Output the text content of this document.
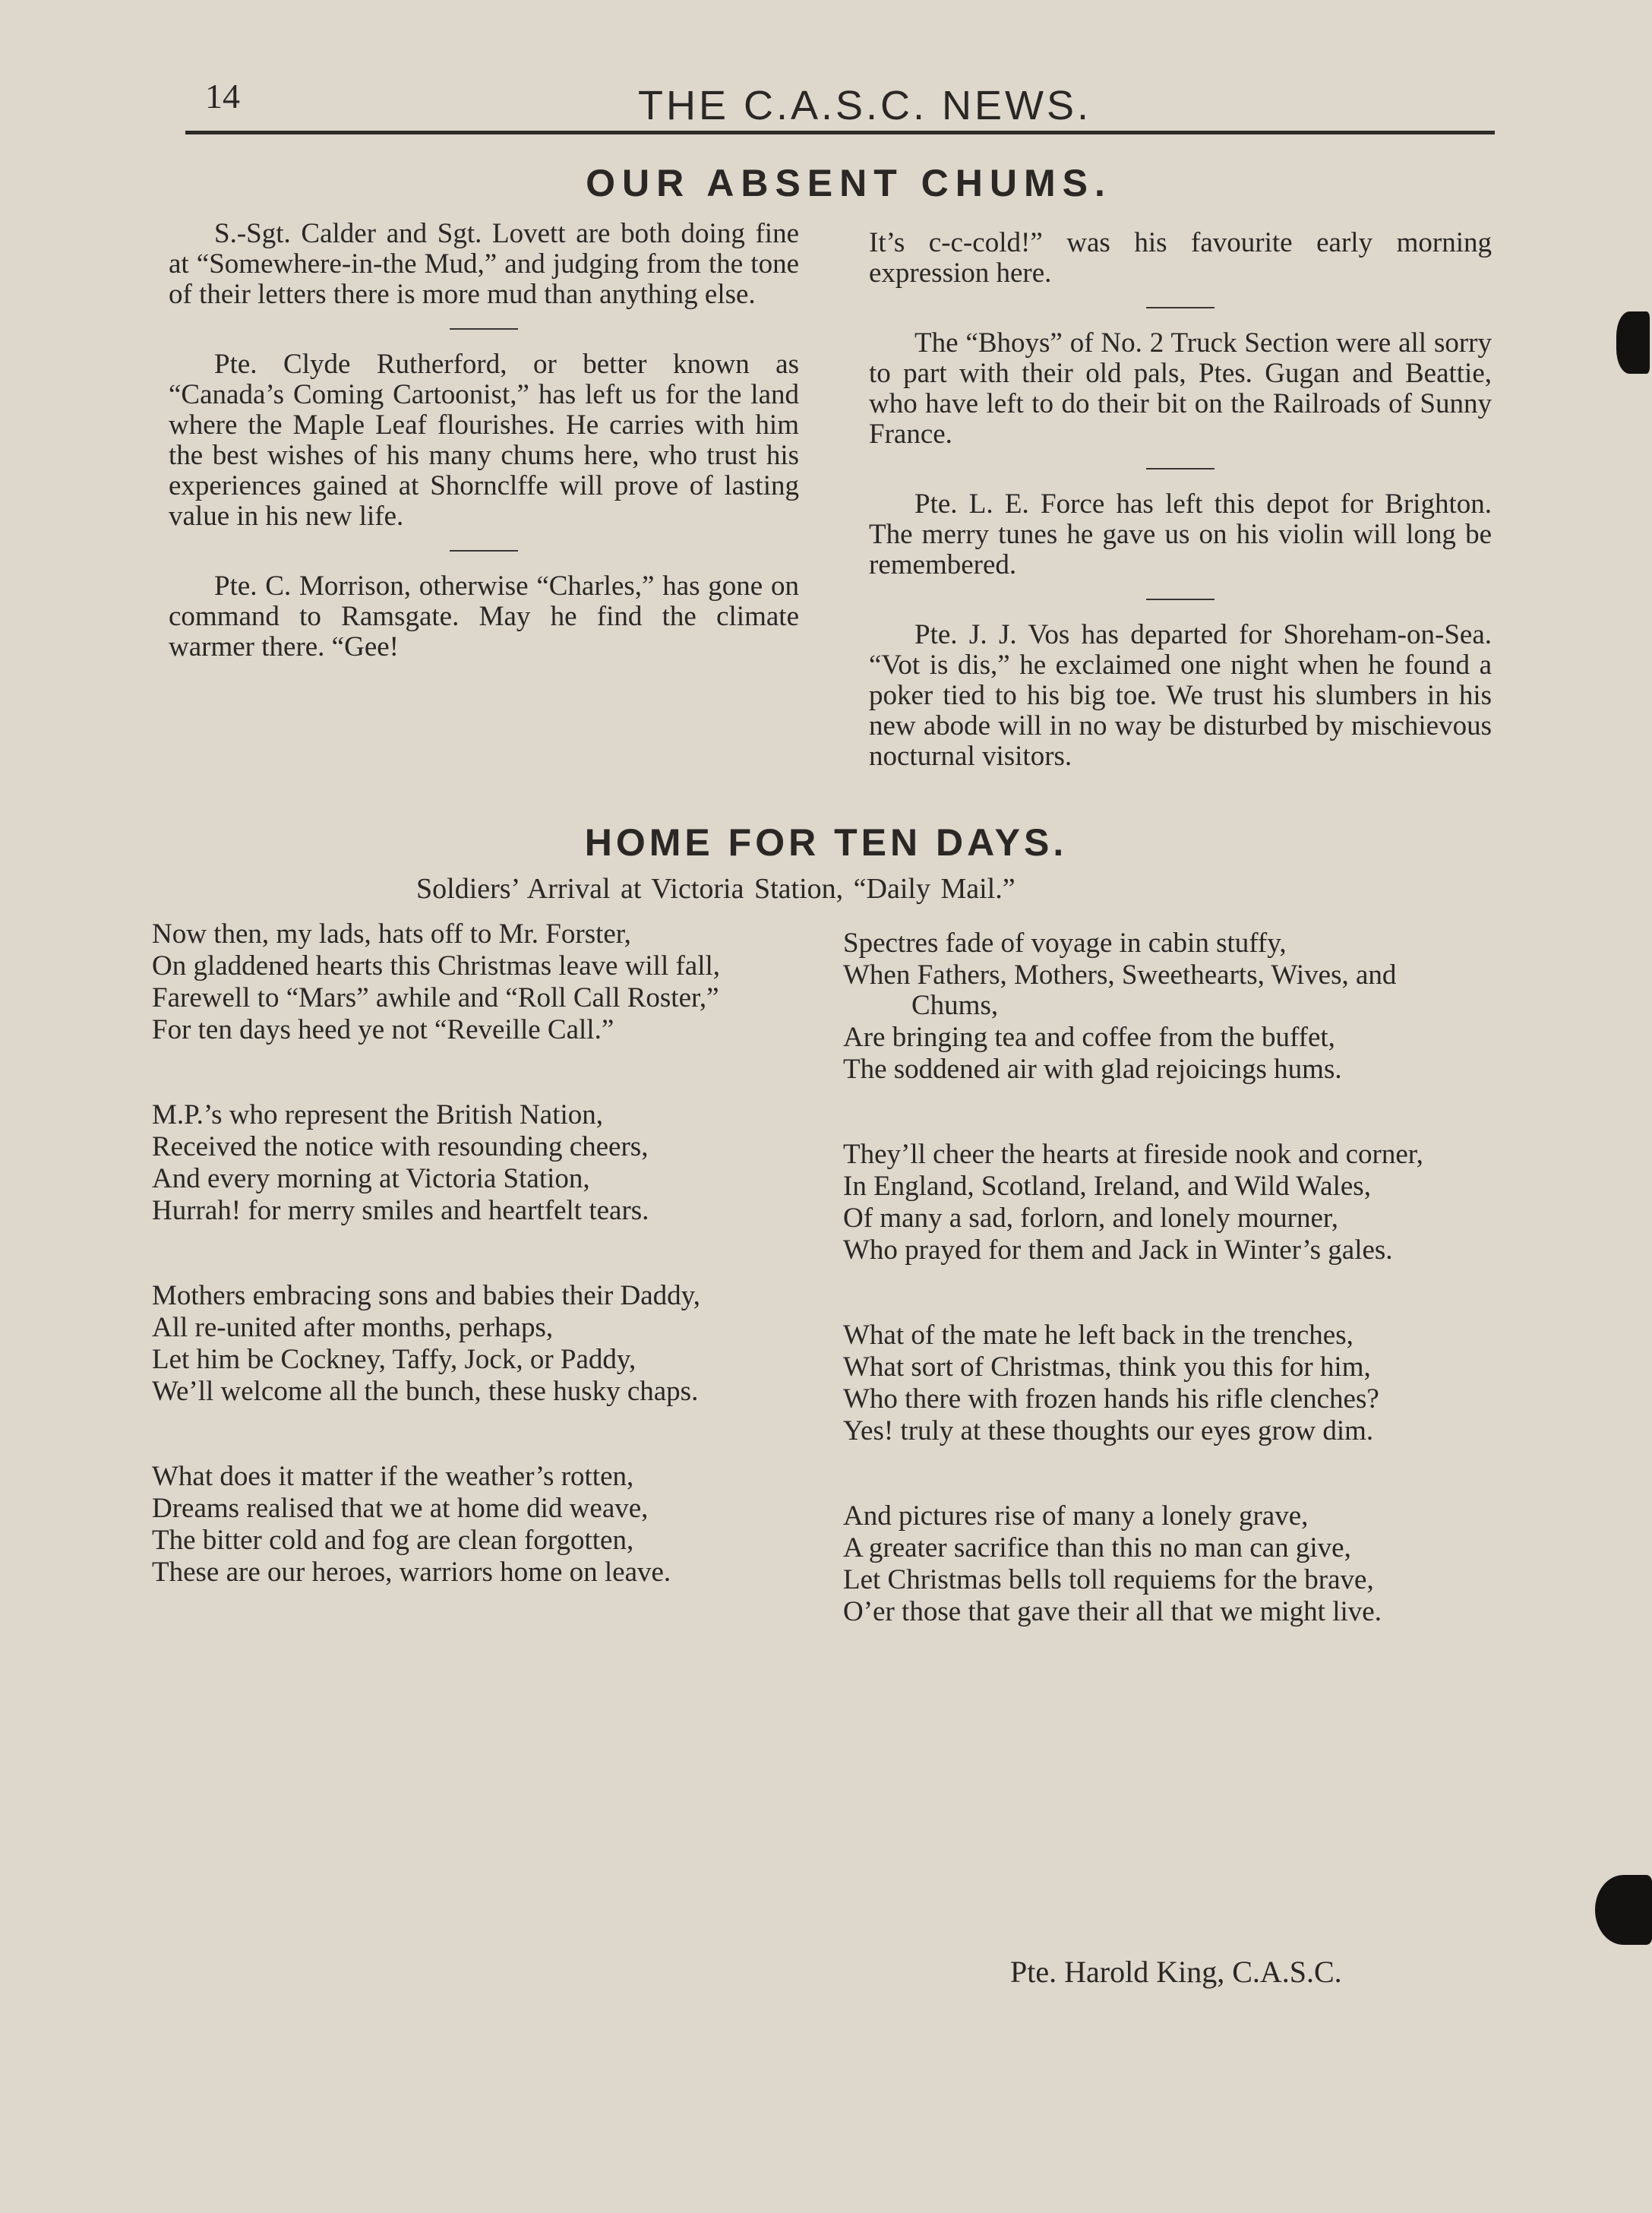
14	THE C.A.S.C. NEWS.
OUR ABSENT CHUMS.

S.-Sgt. Calder and Sgt. Lovett are both doing fine at “Somewhere-in-the Mud,” and judging from the tone of their letters there is more mud than anything else.

Pte. Clyde Rutherford, or better known as “Canada’s Coming Cartoonist,” has left us for the land where the Maple Leaf flourishes. He carries with him the best wishes of his many chums here, who trust his experiences gained at Shornclffe will prove of lasting value in his new life.

Pte. C. Morrison, otherwise “Charles,” has gone on command to Ramsgate. May he find the climate warmer there. “Gee!

It’s c-c-cold!” was his favourite early morning expression here.

The “Bhoys” of No. 2 Truck Section were all sorry to part with their old pals, Ptes. Gugan and Beattie, who have left to do their bit on the Railroads of Sunny France.

Pte. L. E. Force has left this depot for Brighton. The merry tunes he gave us on his violin will long be remembered.

Pte. J. J. Vos has departed for Shoreham-on-Sea. “Vot is dis,” he exclaimed one night when he found a poker tied to his big toe. We trust his slumbers in his new abode will in no way be disturbed by mischievous nocturnal visitors.

HOME FOR TEN DAYS.
Soldiers’ Arrival at Victoria Station, “Daily Mail.”
Now then, my lads, hats off to Mr. Forster,
On gladdened hearts this Christmas leave will fall,
Farewell to “Mars” awhile and “Roll Call Roster,”
For ten days heed ye not “Reveille Call.”
M.P.’s who represent the British Nation,
Received the notice with resounding cheers,
And every morning at Victoria Station,
Hurrah! for merry smiles and heartfelt tears.
Mothers embracing sons and babies their Daddy,
All re-united after months, perhaps,
Let him be Cockney, Taffy, Jock, or Paddy,
We’ll welcome all the bunch, these husky chaps.
What does it matter if the weather’s rotten,
Dreams realised that we at home did weave,
The bitter cold and fog are clean forgotten,
These are our heroes, warriors home on leave.
Spectres fade of voyage in cabin stuffy,
When Fathers, Mothers, Sweethearts, Wives, and Chums,
Are bringing tea and coffee from the buffet,
The soddened air with glad rejoicings hums.
They’ll cheer the hearts at fireside nook and corner,
In England, Scotland, Ireland, and Wild Wales,
Of many a sad, forlorn, and lonely mourner,
Who prayed for them and Jack in Winter’s gales.
What of the mate he left back in the trenches,
What sort of Christmas, think you this for him,
Who there with frozen hands his rifle clenches?
Yes! truly at these thoughts our eyes grow dim.
And pictures rise of many a lonely grave,
A greater sacrifice than this no man can give,
Let Christmas bells toll requiems for the brave,
O’er those that gave their all that we might live.
Pte. Harold King, C.A.S.C.
